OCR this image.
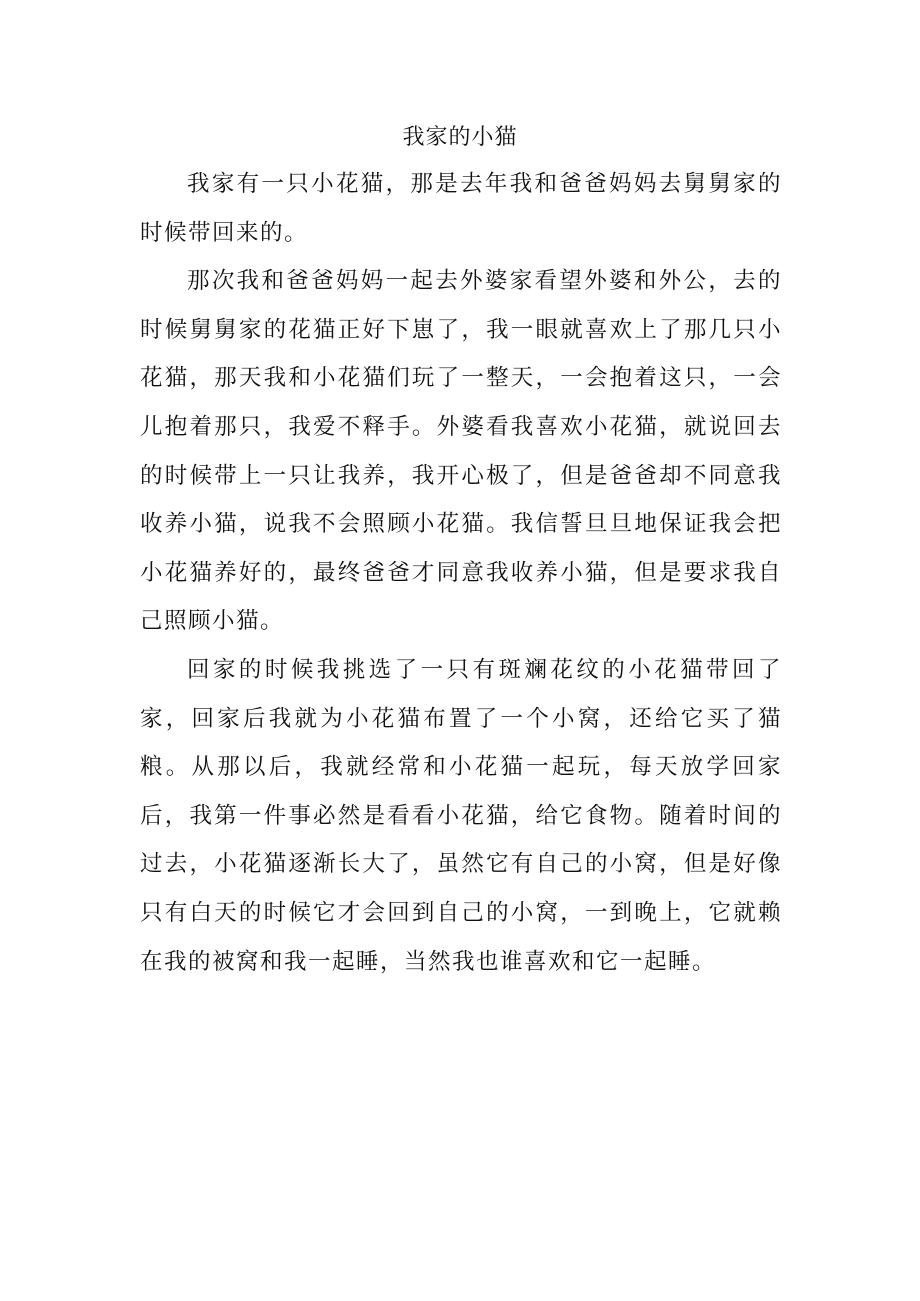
我家的小猫

我家有一只小花猫，那是去年我和爸爸妈妈去舅舅家的时候带回来的。

那次我和爸爸妈妈一起去外婆家看望外婆和外公，去的时候舅舅家的花猫正好下崽了，我一眼就喜欢上了那几只小花猫，那天我和小花猫们玩了一整天，一会抱着这只，一会儿抱着那只，我爱不释手。外婆看我喜欢小花猫，就说回去的时候带上一只让我养，我开心极了，但是爸爸却不同意我收养小猫，说我不会照顾小花猫。我信誓旦旦地保证我会把小花猫养好的，最终爸爸才同意我收养小猫，但是要求我自己照顾小猫。

回家的时候我挑选了一只有斑斓花纹的小花猫带回了家，回家后我就为小花猫布置了一个小窝，还给它买了猫粮。从那以后，我就经常和小花猫一起玩，每天放学回家后，我第一件事必然是看看小花猫，给它食物。随着时间的过去，小花猫逐渐长大了，虽然它有自己的小窝，但是好像只有白天的时候它才会回到自己的小窝，一到晚上，它就赖在我的被窝和我一起睡，当然我也谁喜欢和它一起睡。
